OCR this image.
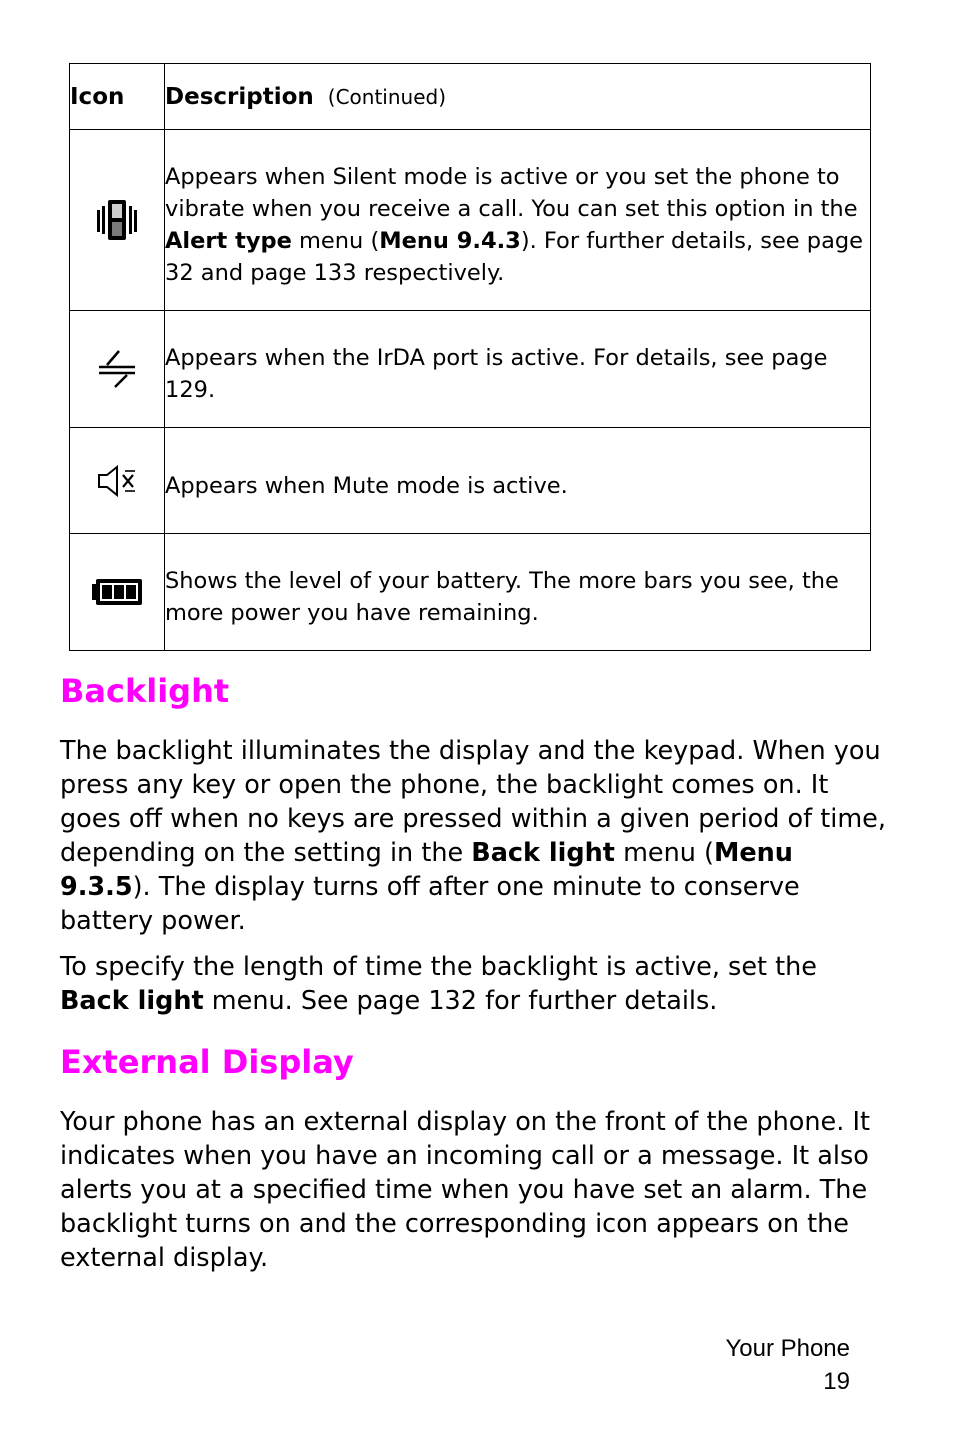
Icon	Description (Continued)

Appears when Silent mode is active or you set the phone to vibrate when you receive a call. You can set this option in the Alert type menu (Menu 9.4.3). For further details, see page 32 and page 133 respectively.

Appears when the IrDA port is active. For details, see page 129.

Appears when Mute mode is active.

Shows the level of your battery. The more bars you see, the more power you have remaining.
Backlight

The backlight illuminates the display and the keypad. When you press any key or open the phone, the backlight comes on. It goes off when no keys are pressed within a given period of time, depending on the setting in the Back light menu (Menu 9.3.5). The display turns off after one minute to conserve battery power.

To specify the length of time the backlight is active, set the Back light menu. See page 132 for further details.

External Display

Your phone has an external display on the front of the phone. It indicates when you have an incoming call or a message. It also alerts you at a specified time when you have set an alarm. The backlight turns on and the corresponding icon appears on the external display.

Your Phone
19
